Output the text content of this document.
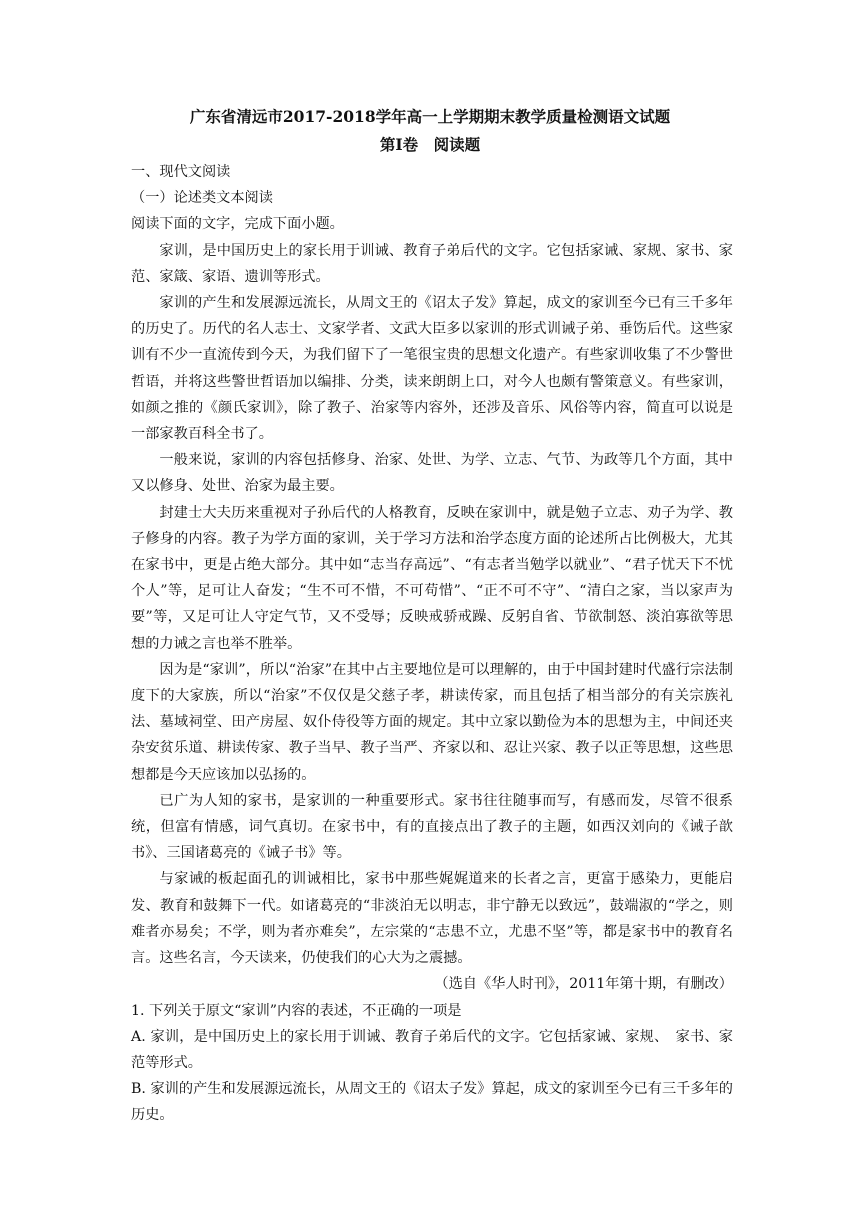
广东省清远市2017-2018学年高一上学期期末教学质量检测语文试题
第Ⅰ卷　阅读题

一、现代文阅读

（一）论述类文本阅读

阅读下面的文字，完成下面小题。

家训，是中国历史上的家长用于训诫、教育子弟后代的文字。它包括家诫、家规、家书、家范、家箴、家语、遗训等形式。

家训的产生和发展源远流长，从周文王的《诏太子发》算起，成文的家训至今已有三千多年的历史了。历代的名人志士、文家学者、文武大臣多以家训的形式训诫子弟、垂饬后代。这些家训有不少一直流传到今天，为我们留下了一笔很宝贵的思想文化遗产。有些家训收集了不少警世哲语，并将这些警世哲语加以编排、分类，读来朗朗上口，对今人也颇有警策意义。有些家训，如颜之推的《颜氏家训》，除了教子、治家等内容外，还涉及音乐、风俗等内容，简直可以说是一部家教百科全书了。

一般来说，家训的内容包括修身、治家、处世、为学、立志、气节、为政等几个方面，其中又以修身、处世、治家为最主要。

封建士大夫历来重视对子孙后代的人格教育，反映在家训中，就是勉子立志、劝子为学、教子修身的内容。教子为学方面的家训，关于学习方法和治学态度方面的论述所占比例极大，尤其在家书中，更是占绝大部分。其中如“志当存高远”、“有志者当勉学以就业”、“君子忧天下不忧个人”等，足可让人奋发；“生不可不惜，不可苟惜”、“正不可不守”、“清白之家，当以家声为要”等，又足可让人守定气节，又不受辱；反映戒骄戒躁、反躬自省、节欲制怒、淡泊寡欲等思想的力诫之言也举不胜举。

因为是“家训”，所以“治家”在其中占主要地位是可以理解的，由于中国封建时代盛行宗法制度下的大家族，所以“治家”不仅仅是父慈子孝，耕读传家，而且包括了相当部分的有关宗族礼法、墓域祠堂、田产房屋、奴仆侍役等方面的规定。其中立家以勤俭为本的思想为主，中间还夹杂安贫乐道、耕读传家、教子当早、教子当严、齐家以和、忍让兴家、教子以正等思想，这些思想都是今天应该加以弘扬的。

已广为人知的家书，是家训的一种重要形式。家书往往随事而写，有感而发，尽管不很系统，但富有情感，词气真切。在家书中，有的直接点出了教子的主题，如西汉刘向的《诫子歆书》、三国诸葛亮的《诫子书》等。

与家诫的板起面孔的训诫相比，家书中那些娓娓道来的长者之言，更富于感染力，更能启发、教育和鼓舞下一代。如诸葛亮的“非淡泊无以明志，非宁静无以致远”，鼓端淑的“学之，则难者亦易矣；不学，则为者亦难矣”，左宗棠的“志患不立，尤患不坚”等，都是家书中的教育名言。这些名言，今天读来，仍使我们的心大为之震撼。

（选自《华人时刊》，2011年第十期，有删改）

1. 下列关于原文“家训”内容的表述，不正确的一项是

A. 家训，是中国历史上的家长用于训诫、教育子弟后代的文字。它包括家诫、家规、　家书、家范等形式。

B. 家训的产生和发展源远流长，从周文王的《诏太子发》算起，成文的家训至今已有三千多年的历史。
